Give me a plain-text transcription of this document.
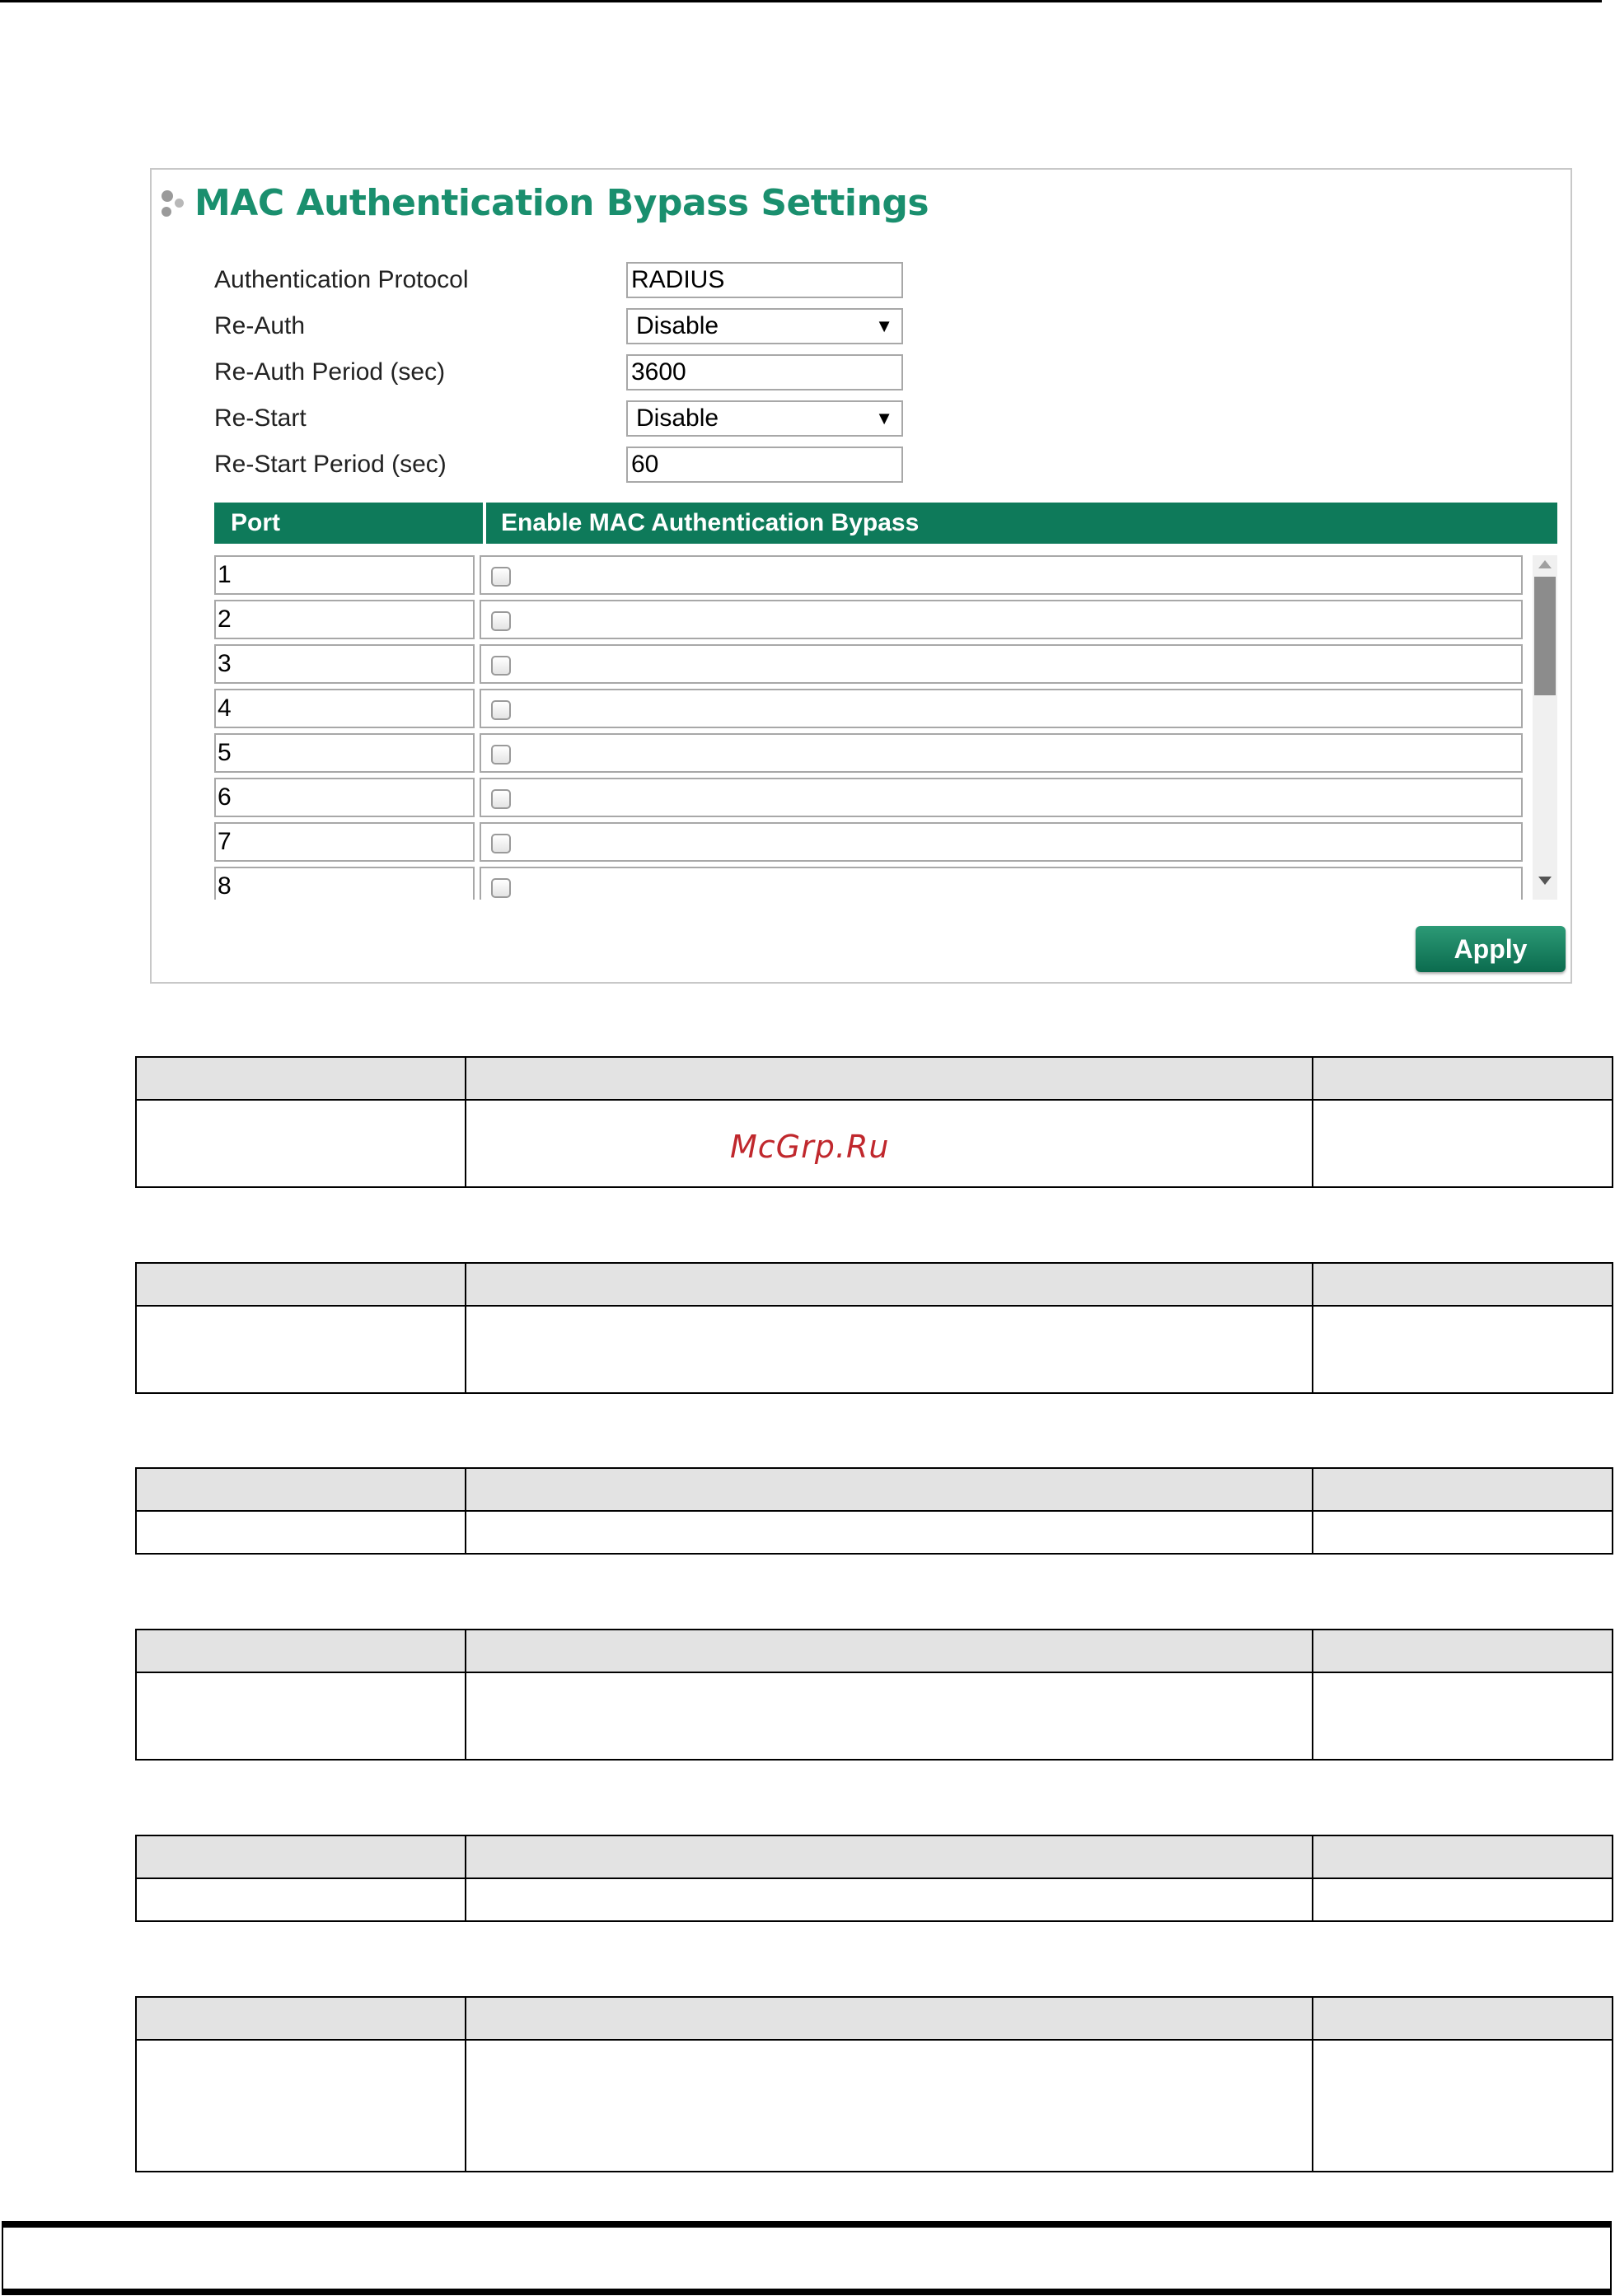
MAC Authentication Bypass Settings
Authentication Protocol	RADIUS
Re-Auth	Disable	▼
Re-Auth Period (sec)	3600
Re-Start	Disable	▼
Re-Start Period (sec)	60
Port	Enable MAC Authentication Bypass
1
2
3
4
5
6
7
8
Apply

McGrp.Ru
